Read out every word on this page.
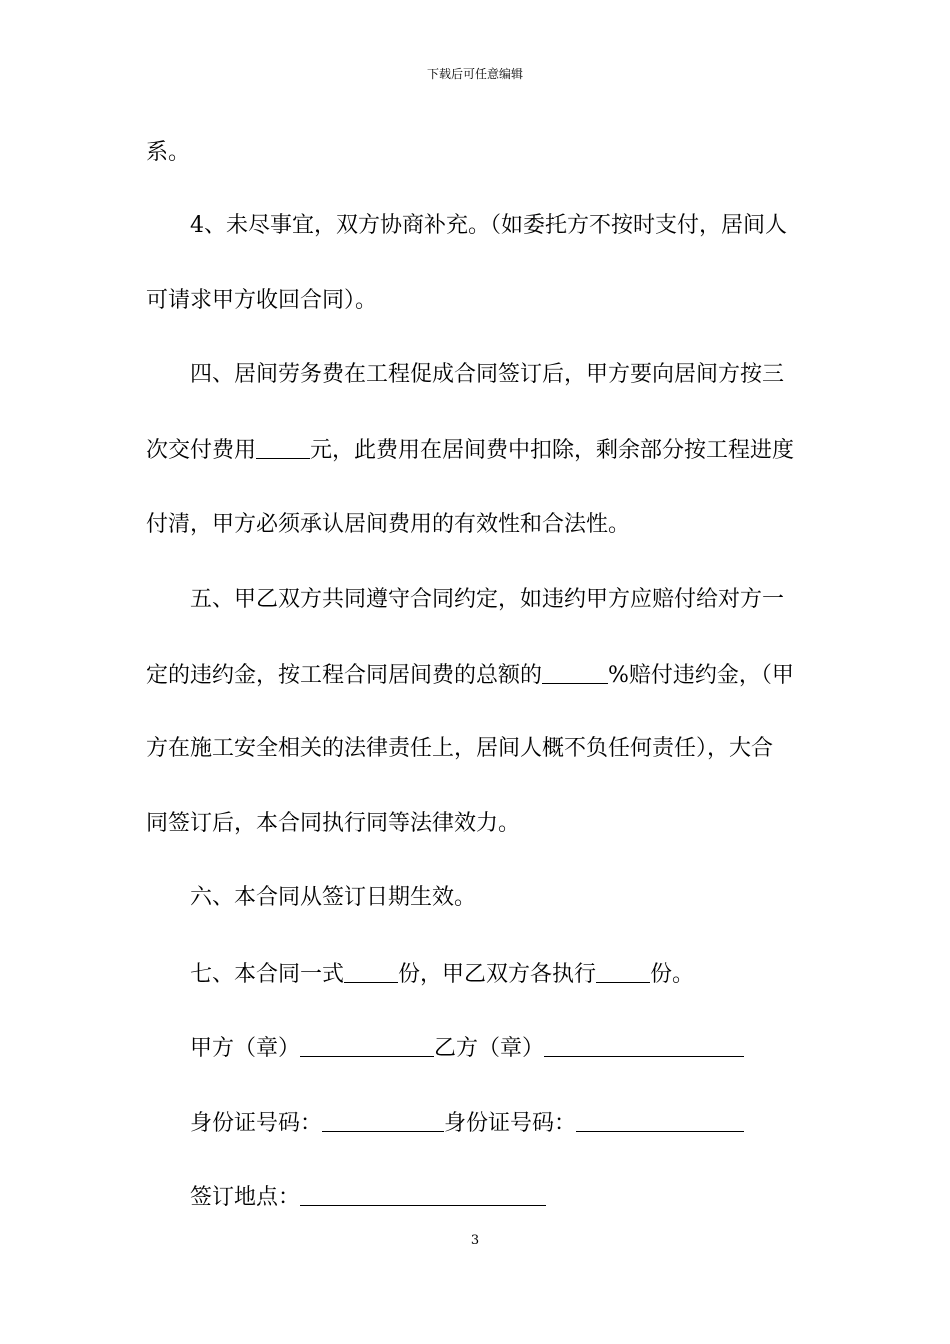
下载后可任意编辑
系。
4、未尽事宜，双方协商补充。（如委托方不按时支付，居间人
可请求甲方收回合同）。
四、居间劳务费在工程促成合同签订后，甲方要向居间方按三
次交付费用 元，此费用在居间费中扣除，剩余部分按工程进度
付清，甲方必须承认居间费用的有效性和合法性。
五、甲乙双方共同遵守合同约定，如违约甲方应赔付给对方一
定的违约金，按工程合同居间费的总额的	%赔付违约金，（甲
方在施工安全相关的法律责任上，居间人概不负任何责任），大合
同签订后，本合同执行同等法律效力。
六、本合同从签订日期生效。
七、本合同一式 份，甲乙双方各执行 份。
甲方（章）	乙方（章）
身份证号码：	身份证号码：
签订地点：
3
